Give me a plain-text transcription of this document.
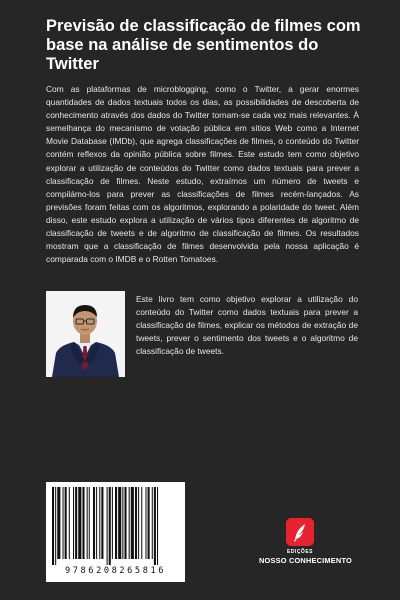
Previsão de classificação de filmes com base na análise de sentimentos do Twitter
Com as plataformas de microblogging, como o Twitter, a gerar enormes quantidades de dados textuais todos os dias, as possibilidades de descoberta de conhecimento através dos dados do Twitter tornam-se cada vez mais relevantes. À semelhança do mecanismo de votação pública em sítios Web como a Internet Movie Database (IMDb), que agrega classificações de filmes, o conteúdo do Twitter contém reflexos da opinião pública sobre filmes. Este estudo tem como objetivo explorar a utilização de conteúdos do Twitter como dados textuais para prever a classificação de filmes. Neste estudo, extraímos um número de tweets e compilámo-los para prever as classificações de filmes recém-lançados. As previsões foram feitas com os algoritmos, explorando a polaridade do tweet. Além disso, este estudo explora a utilização de vários tipos diferentes de algoritmo de classificação de tweets e de algoritmo de classificação de filmes. Os resultados mostram que a classificação de filmes desenvolvida pela nossa aplicação é comparada com o IMDB e o Rotten Tomatoes.
Este livro tem como objetivo explorar a utilização do conteúdo do Twitter como dados textuais para prever a classificação de filmes, explicar os métodos de extração de tweets, prever o sentimento dos tweets e o algoritmo de classificação de tweets.
9786208265816
EDIÇÕES
NOSSO CONHECIMENTO
